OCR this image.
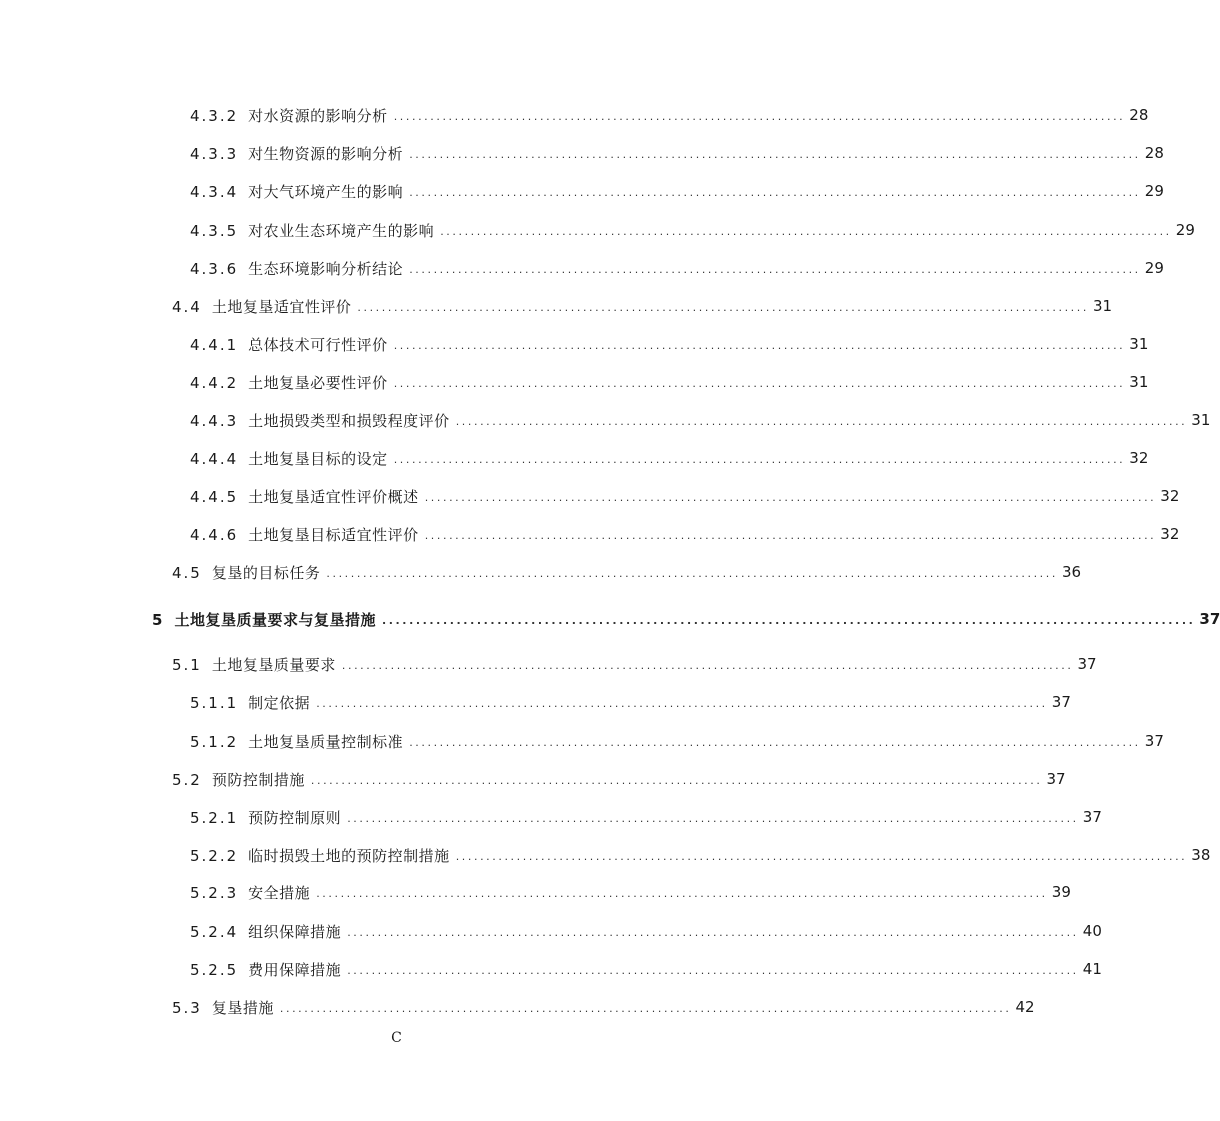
4.3.2 对水资源的影响分析 ........................................................................................................................ 28
4.3.3 对生物资源的影响分析 ........................................................................................................................ 28
4.3.4 对大气环境产生的影响 ........................................................................................................................ 29
4.3.5 对农业生态环境产生的影响 ........................................................................................................................ 29
4.3.6 生态环境影响分析结论 ........................................................................................................................ 29
4.4 土地复垦适宜性评价 ........................................................................................................................ 31
4.4.1 总体技术可行性评价 ........................................................................................................................ 31
4.4.2 土地复垦必要性评价 ........................................................................................................................ 31
4.4.3 土地损毁类型和损毁程度评价 ........................................................................................................................ 31
4.4.4 土地复垦目标的设定 ........................................................................................................................ 32
4.4.5 土地复垦适宜性评价概述 ........................................................................................................................ 32
4.4.6 土地复垦目标适宜性评价 ........................................................................................................................ 32
4.5 复垦的目标任务 ........................................................................................................................ 36
5 土地复垦质量要求与复垦措施 ........................................................................................................................ 37
5.1 土地复垦质量要求 ........................................................................................................................ 37
5.1.1 制定依据 ........................................................................................................................ 37
5.1.2 土地复垦质量控制标准 ........................................................................................................................ 37
5.2 预防控制措施 ........................................................................................................................ 37
5.2.1 预防控制原则 ........................................................................................................................ 37
5.2.2 临时损毁土地的预防控制措施 ........................................................................................................................ 38
5.2.3 安全措施 ........................................................................................................................ 39
5.2.4 组织保障措施 ........................................................................................................................ 40
5.2.5 费用保障措施 ........................................................................................................................ 41
5.3 复垦措施 ........................................................................................................................ 42
C
